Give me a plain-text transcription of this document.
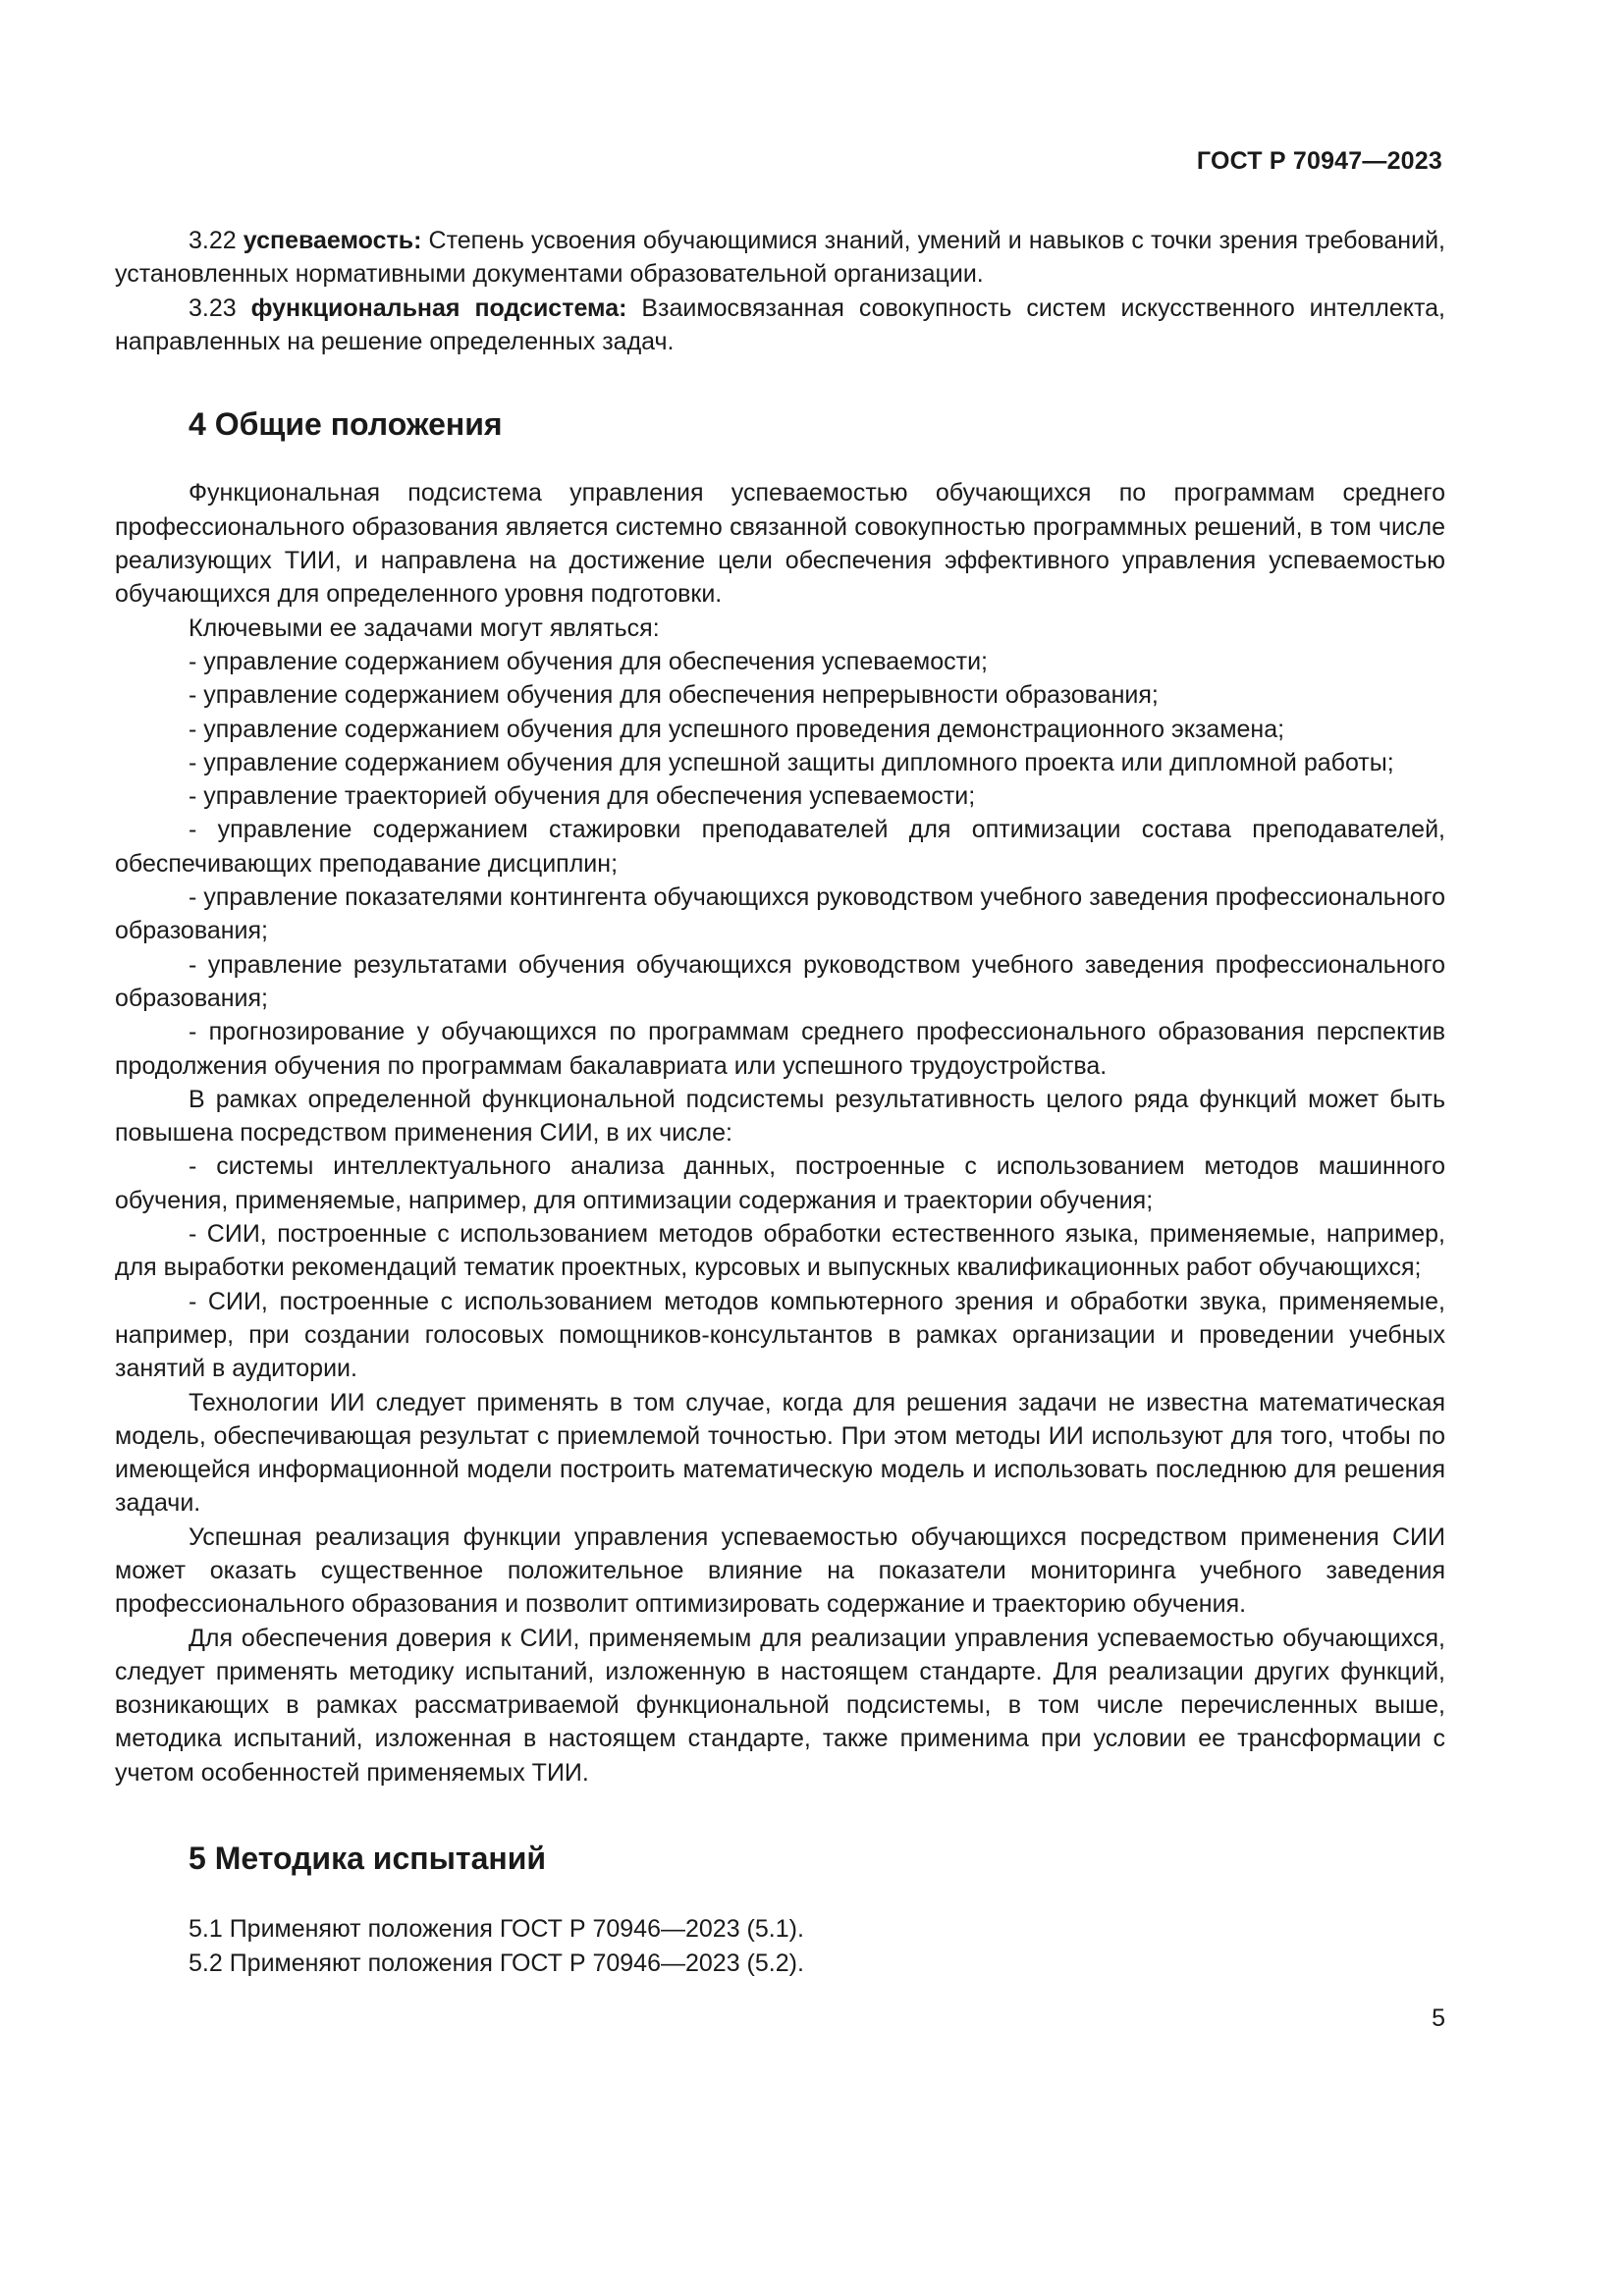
ГОСТ Р 70947—2023

3.22 успеваемость: Степень усвоения обучающимися знаний, умений и навыков с точки зрения требований, установленных нормативными документами образовательной организации.

3.23 функциональная подсистема: Взаимосвязанная совокупность систем искусственного интеллекта, направленных на решение определенных задач.

4 Общие положения

Функциональная подсистема управления успеваемостью обучающихся по программам среднего профессионального образования является системно связанной совокупностью программных решений, в том числе реализующих ТИИ, и направлена на достижение цели обеспечения эффективного управления успеваемостью обучающихся для определенного уровня подготовки.

Ключевыми ее задачами могут являться:

- управление содержанием обучения для обеспечения успеваемости;

- управление содержанием обучения для обеспечения непрерывности образования;

- управление содержанием обучения для успешного проведения демонстрационного экзамена;

- управление содержанием обучения для успешной защиты дипломного проекта или дипломной работы;

- управление траекторией обучения для обеспечения успеваемости;

- управление содержанием стажировки преподавателей для оптимизации состава преподавателей, обеспечивающих преподавание дисциплин;

- управление показателями контингента обучающихся руководством учебного заведения профессионального образования;

- управление результатами обучения обучающихся руководством учебного заведения профессионального образования;

- прогнозирование у обучающихся по программам среднего профессионального образования перспектив продолжения обучения по программам бакалавриата или успешного трудоустройства.

В рамках определенной функциональной подсистемы результативность целого ряда функций может быть повышена посредством применения СИИ, в их числе:

- системы интеллектуального анализа данных, построенные с использованием методов машинного обучения, применяемые, например, для оптимизации содержания и траектории обучения;

- СИИ, построенные с использованием методов обработки естественного языка, применяемые, например, для выработки рекомендаций тематик проектных, курсовых и выпускных квалификационных работ обучающихся;

- СИИ, построенные с использованием методов компьютерного зрения и обработки звука, применяемые, например, при создании голосовых помощников-консультантов в рамках организации и проведении учебных занятий в аудитории.

Технологии ИИ следует применять в том случае, когда для решения задачи не известна математическая модель, обеспечивающая результат с приемлемой точностью. При этом методы ИИ используют для того, чтобы по имеющейся информационной модели построить математическую модель и использовать последнюю для решения задачи.

Успешная реализация функции управления успеваемостью обучающихся посредством применения СИИ может оказать существенное положительное влияние на показатели мониторинга учебного заведения профессионального образования и позволит оптимизировать содержание и траекторию обучения.

Для обеспечения доверия к СИИ, применяемым для реализации управления успеваемостью обучающихся, следует применять методику испытаний, изложенную в настоящем стандарте. Для реализации других функций, возникающих в рамках рассматриваемой функциональной подсистемы, в том числе перечисленных выше, методика испытаний, изложенная в настоящем стандарте, также применима при условии ее трансформации с учетом особенностей применяемых ТИИ.

5 Методика испытаний

5.1 Применяют положения ГОСТ Р 70946—2023 (5.1).

5.2 Применяют положения ГОСТ Р 70946—2023 (5.2).

5
